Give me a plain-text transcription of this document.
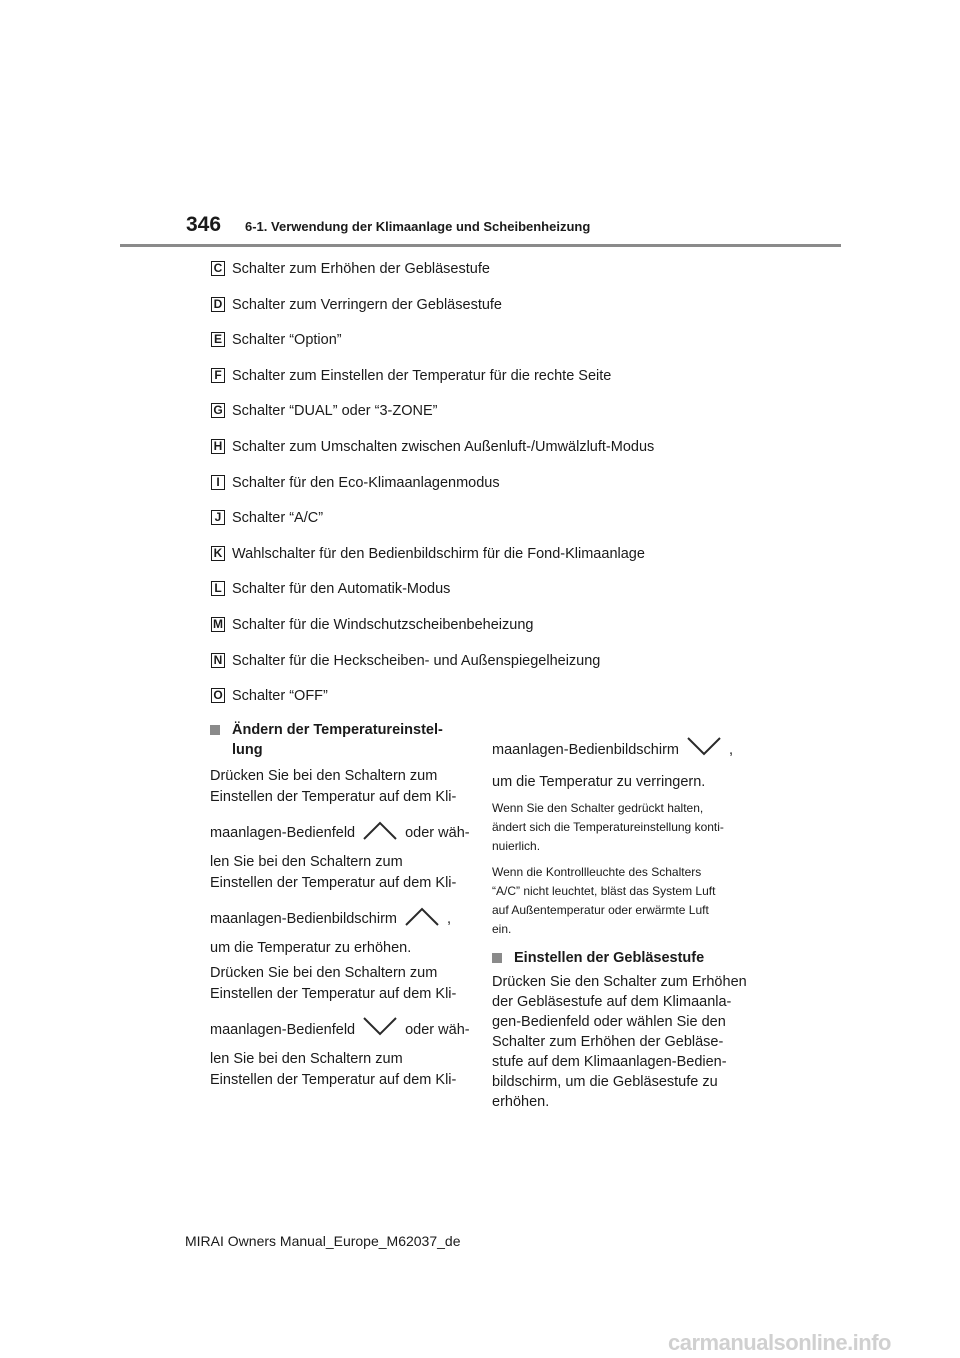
346 6-1. Verwendung der Klimaanlage und Scheibenheizung
C Schalter zum Erhöhen der Gebläsestufe
D Schalter zum Verringern der Gebläsestufe
E Schalter “Option”
F Schalter zum Einstellen der Temperatur für die rechte Seite
G Schalter “DUAL” oder “3-ZONE”
H Schalter zum Umschalten zwischen Außenluft-/Umwälzluft-Modus
I Schalter für den Eco-Klimaanlagenmodus
J Schalter “A/C”
K Wahlschalter für den Bedienbildschirm für die Fond-Klimaanlage
L Schalter für den Automatik-Modus
M Schalter für die Windschutzscheibenbeheizung
N Schalter für die Heckscheiben- und Außenspiegelheizung
O Schalter “OFF”
Ändern der Temperatureinstel-
lung
Drücken Sie bei den Schaltern zum
Einstellen der Temperatur auf dem Kli-
maanlagen-Bedienfeld	oder wäh-
len Sie bei den Schaltern zum
Einstellen der Temperatur auf dem Kli-
maanlagen-Bedienbildschirm	,
um die Temperatur zu erhöhen.
Drücken Sie bei den Schaltern zum
Einstellen der Temperatur auf dem Kli-
maanlagen-Bedienfeld	oder wäh-
len Sie bei den Schaltern zum
Einstellen der Temperatur auf dem Kli-
maanlagen-Bedienbildschirm	,
um die Temperatur zu verringern.
Wenn Sie den Schalter gedrückt halten,
ändert sich die Temperatureinstellung konti-
nuierlich.
Wenn die Kontrollleuchte des Schalters
“A/C” nicht leuchtet, bläst das System Luft
auf Außentemperatur oder erwärmte Luft
ein.
Einstellen der Gebläsestufe
Drücken Sie den Schalter zum Erhöhen
der Gebläsestufe auf dem Klimaanla-
gen-Bedienfeld oder wählen Sie den
Schalter zum Erhöhen der Gebläse-
stufe auf dem Klimaanlagen-Bedien-
bildschirm, um die Gebläsestufe zu
erhöhen.
MIRAI Owners Manual_Europe_M62037_de
carmanualsonline.info
